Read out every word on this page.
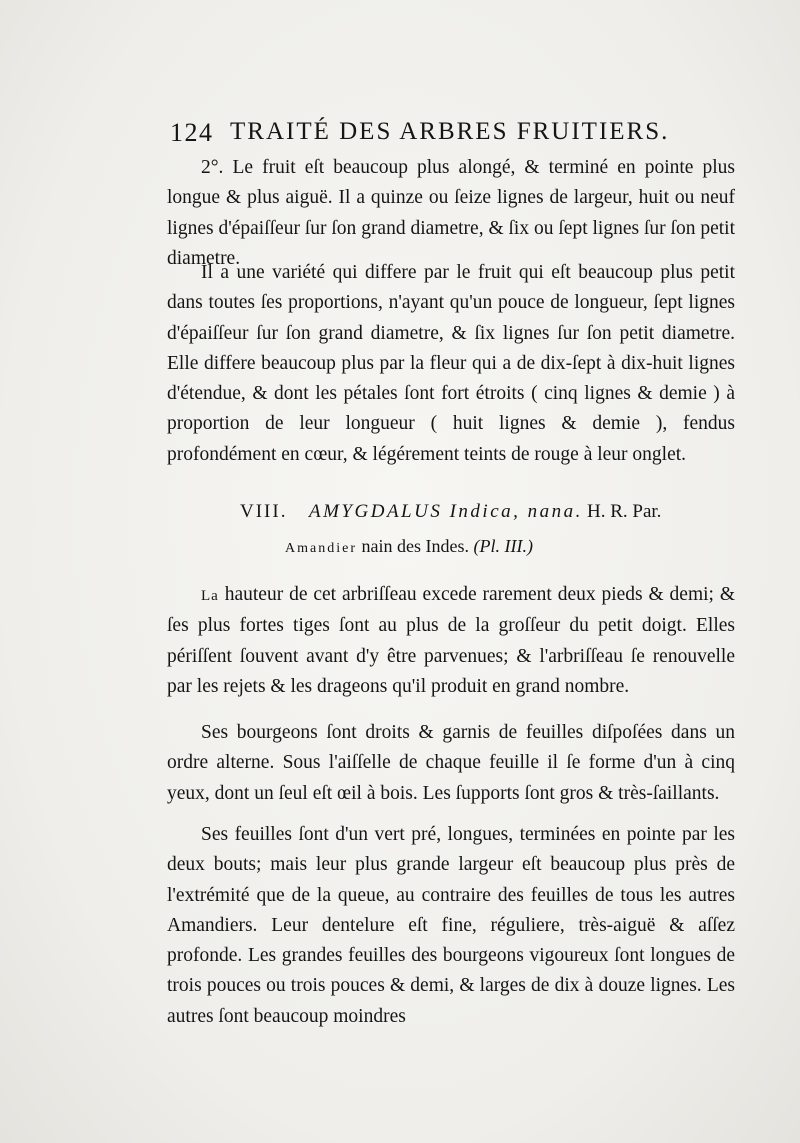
124 TRAITÉ DES ARBRES FRUITIERS.
2°. Le fruit eſt beaucoup plus alongé, & terminé en pointe plus longue & plus aiguë. Il a quinze ou ſeize lignes de largeur, huit ou neuf lignes d'épaiſſeur ſur ſon grand diametre, & ſix ou ſept lignes ſur ſon petit diametre.
Il a une variété qui differe par le fruit qui eſt beaucoup plus petit dans toutes ſes proportions, n'ayant qu'un pouce de longueur, ſept lignes d'épaiſſeur ſur ſon grand diametre, & ſix lignes ſur ſon petit diametre. Elle differe beaucoup plus par la fleur qui a de dix-ſept à dix-huit lignes d'étendue, & dont les pétales ſont fort étroits ( cinq lignes & demie ) à proportion de leur longueur ( huit lignes & demie ), fendus profondément en cœur, & légérement teints de rouge à leur onglet.
VIII. AMYGDALUS Indica, nana. H. R. Par.
Amandier nain des Indes. (Pl. III.)
La hauteur de cet arbriſſeau excede rarement deux pieds & demi; & ſes plus fortes tiges ſont au plus de la groſſeur du petit doigt. Elles périſſent ſouvent avant d'y être parvenues; & l'arbriſſeau ſe renouvelle par les rejets & les drageons qu'il produit en grand nombre.
Ses bourgeons ſont droits & garnis de feuilles diſpoſées dans un ordre alterne. Sous l'aiſſelle de chaque feuille il ſe forme d'un à cinq yeux, dont un ſeul eſt œil à bois. Les ſupports ſont gros & très-ſaillants.
Ses feuilles ſont d'un vert pré, longues, terminées en pointe par les deux bouts; mais leur plus grande largeur eſt beaucoup plus près de l'extrémité que de la queue, au contraire des feuilles de tous les autres Amandiers. Leur dentelure eſt fine, réguliere, très-aiguë & aſſez profonde. Les grandes feuilles des bourgeons vigoureux ſont longues de trois pouces ou trois pouces & demi, & larges de dix à douze lignes. Les autres ſont beaucoup moindres
